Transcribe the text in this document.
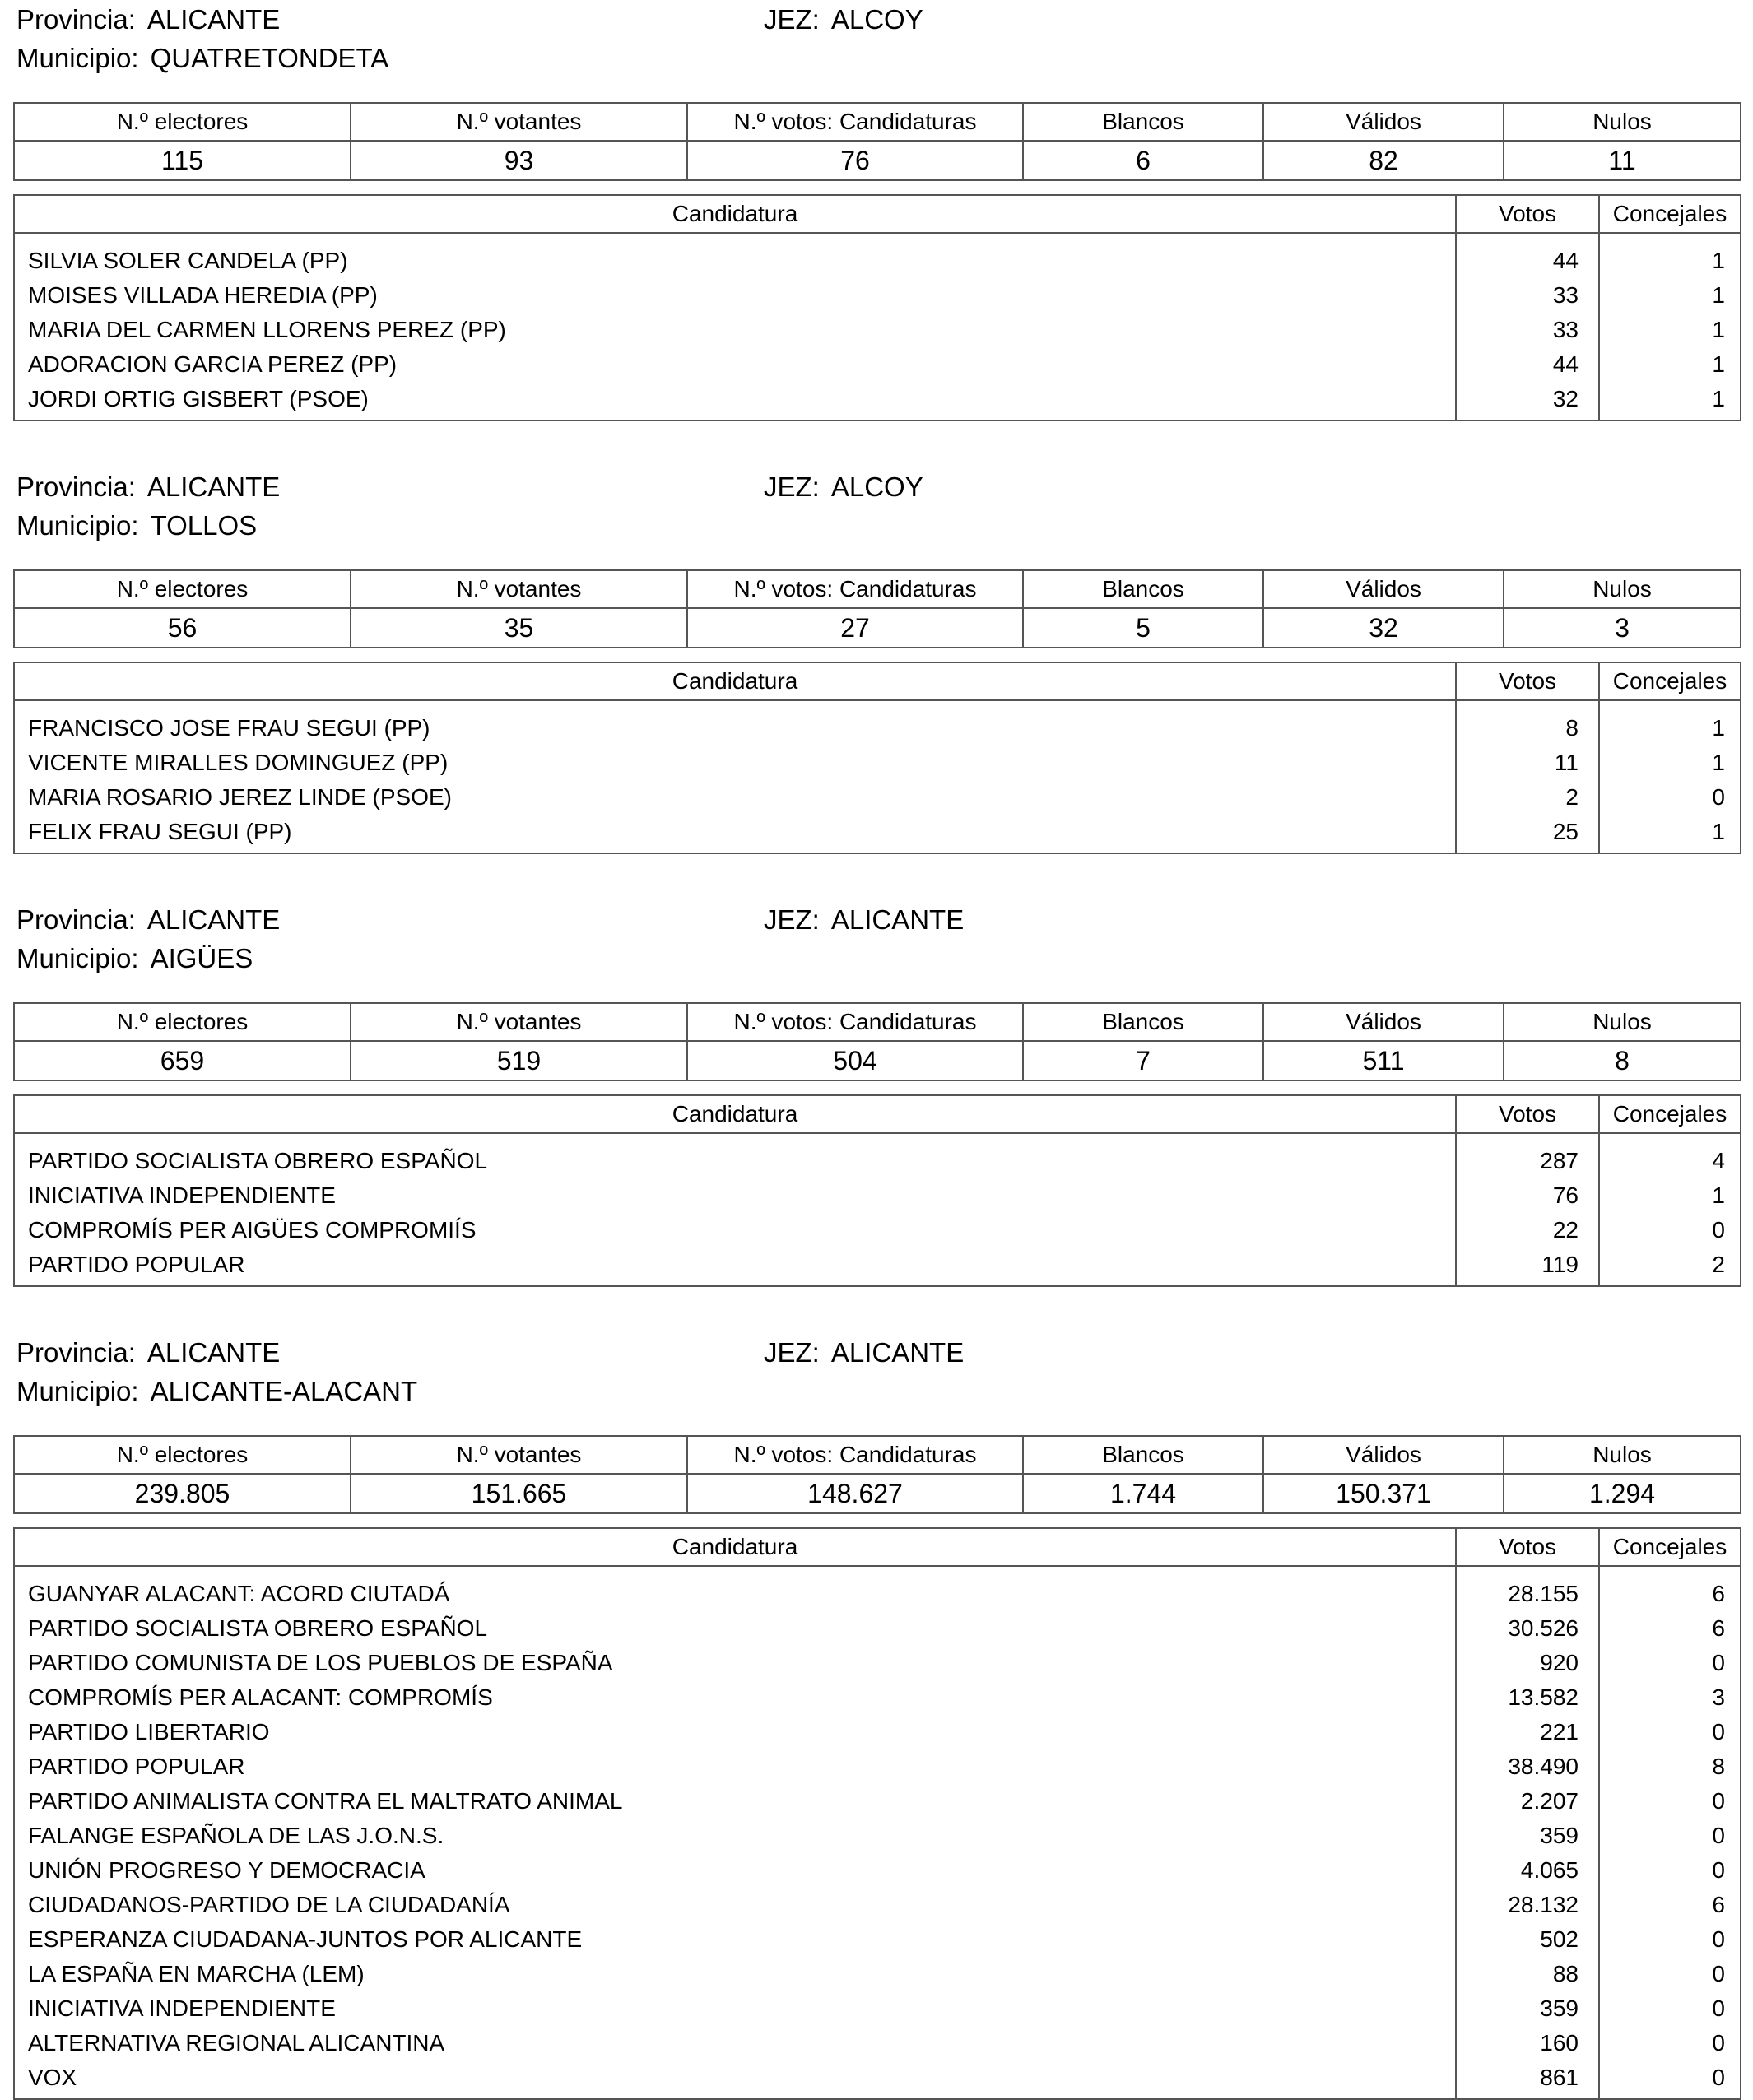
Provincia: ALICANTE	JEZ: ALCOY
Municipio: QUATRETONDETA
N.º electores	N.º votantes	N.º votos: Candidaturas	Blancos	Válidos	Nulos
115	93	76	6	82	11
Candidatura	Votos	Concejales

SILVIA SOLER CANDELA (PP)	44	1
MOISES VILLADA HEREDIA (PP)	33	1
MARIA DEL CARMEN LLORENS PEREZ (PP)	33	1
ADORACION GARCIA PEREZ (PP)	44	1
JORDI ORTIG GISBERT (PSOE)	32	1
Provincia: ALICANTE	JEZ: ALCOY
Municipio: TOLLOS
N.º electores	N.º votantes	N.º votos: Candidaturas	Blancos	Válidos	Nulos
56	35	27	5	32	3
Candidatura	Votos	Concejales

FRANCISCO JOSE FRAU SEGUI (PP)	8	1
VICENTE MIRALLES DOMINGUEZ (PP)	11	1
MARIA ROSARIO JEREZ LINDE (PSOE)	2	0
FELIX FRAU SEGUI (PP)	25	1
Provincia: ALICANTE	JEZ: ALICANTE
Municipio: AIGÜES
N.º electores	N.º votantes	N.º votos: Candidaturas	Blancos	Válidos	Nulos
659	519	504	7	511	8
Candidatura	Votos	Concejales

PARTIDO SOCIALISTA OBRERO ESPAÑOL	287	4
INICIATIVA INDEPENDIENTE	76	1
COMPROMÍS PER AIGÜES COMPROMIÍS	22	0
PARTIDO POPULAR	119	2
Provincia: ALICANTE	JEZ: ALICANTE
Municipio: ALICANTE-ALACANT
N.º electores	N.º votantes	N.º votos: Candidaturas	Blancos	Válidos	Nulos
239.805	151.665	148.627	1.744	150.371	1.294
Candidatura	Votos	Concejales

GUANYAR ALACANT: ACORD CIUTADÁ	28.155	6
PARTIDO SOCIALISTA OBRERO ESPAÑOL	30.526	6
PARTIDO COMUNISTA DE LOS PUEBLOS DE ESPAÑA	920	0
COMPROMÍS PER ALACANT: COMPROMÍS	13.582	3
PARTIDO LIBERTARIO	221	0
PARTIDO POPULAR	38.490	8
PARTIDO ANIMALISTA CONTRA EL MALTRATO ANIMAL	2.207	0
FALANGE ESPAÑOLA DE LAS J.O.N.S.	359	0
UNIÓN PROGRESO Y DEMOCRACIA	4.065	0
CIUDADANOS-PARTIDO DE LA CIUDADANÍA	28.132	6
ESPERANZA CIUDADANA-JUNTOS POR ALICANTE	502	0
LA ESPAÑA EN MARCHA (LEM)	88	0
INICIATIVA INDEPENDIENTE	359	0
ALTERNATIVA REGIONAL ALICANTINA	160	0
VOX	861	0
